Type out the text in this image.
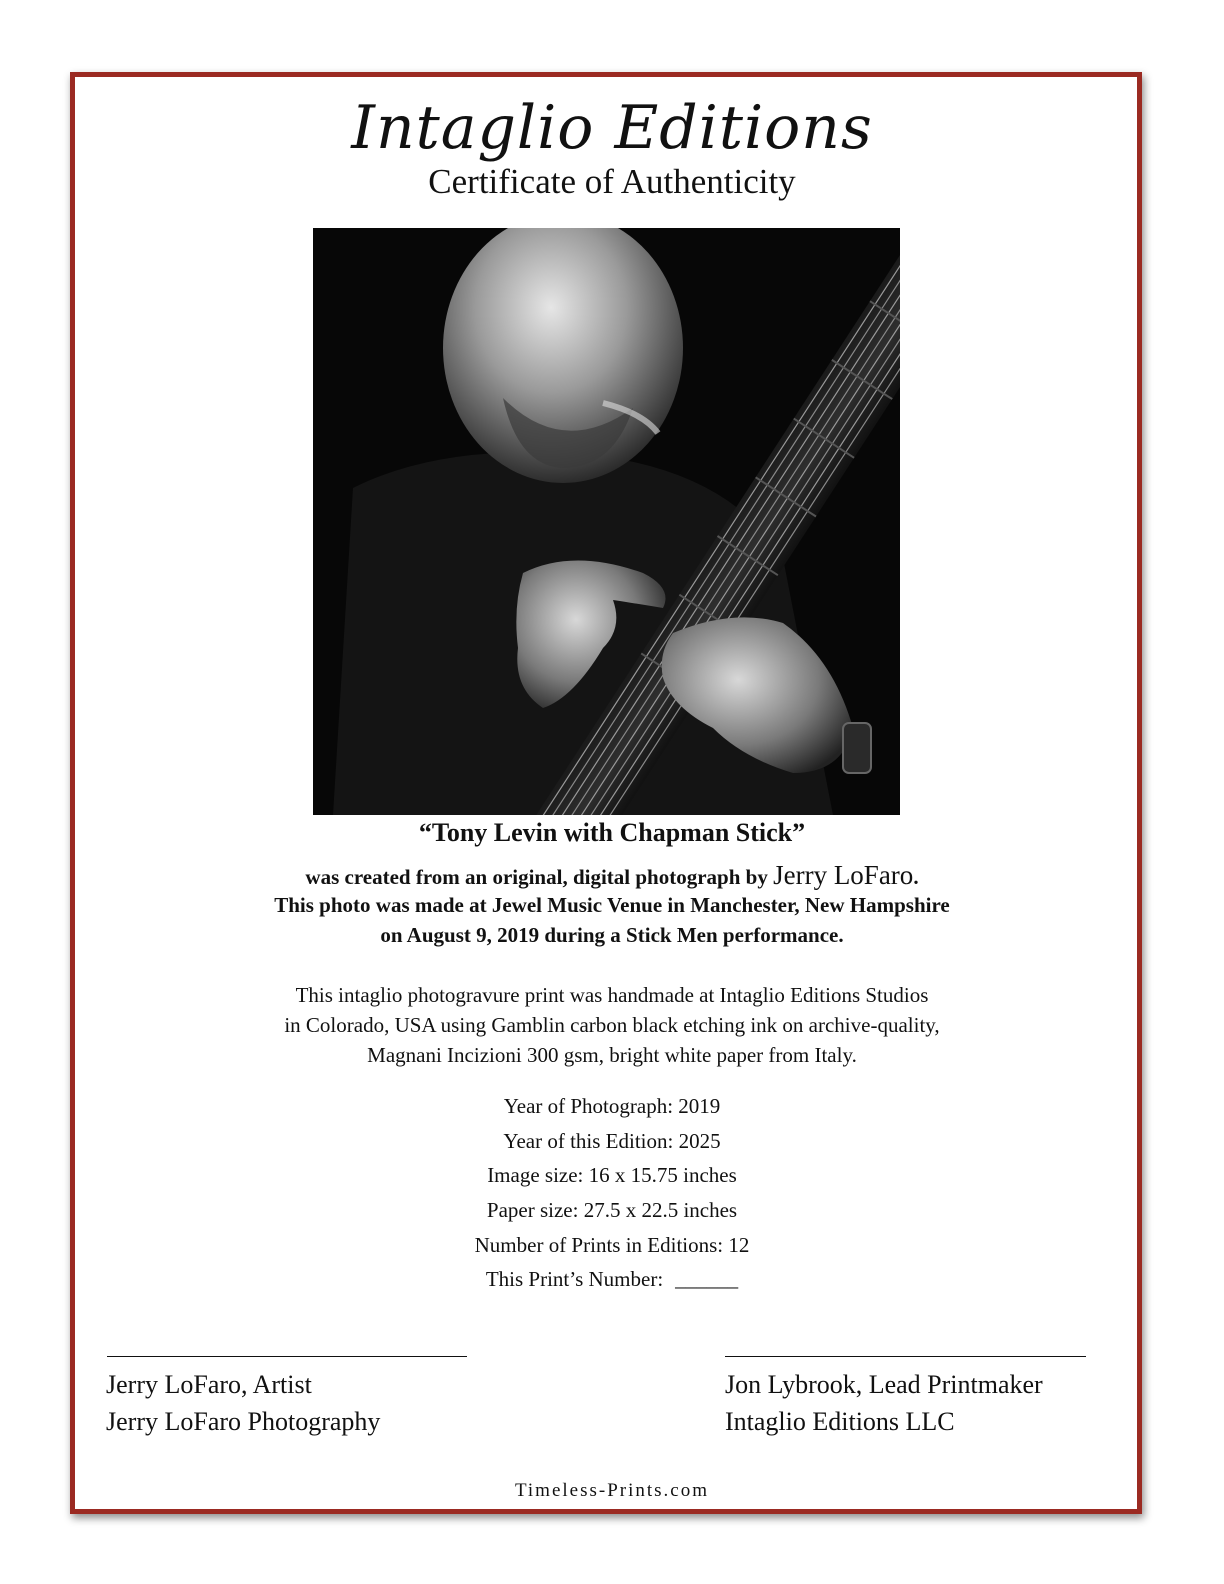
Intaglio Editions
Certificate of Authenticity
“Tony Levin with Chapman Stick”
was created from an original, digital photograph by Jerry LoFaro.
This photo was made at Jewel Music Venue in Manchester, New Hampshire
on August 9, 2019 during a Stick Men performance.
This intaglio photogravure print was handmade at Intaglio Editions Studios
in Colorado, USA using Gamblin carbon black etching ink on archive-quality,
Magnani Incizioni 300 gsm, bright white paper from Italy.
Year of Photograph: 2019
Year of this Edition: 2025
Image size: 16 x 15.75 inches
Paper size: 27.5 x 22.5 inches
Number of Prints in Editions: 12
This Print’s Number: ______
Jerry LoFaro, Artist
Jerry LoFaro Photography
Jon Lybrook, Lead Printmaker
Intaglio Editions LLC
Timeless-Prints.com
